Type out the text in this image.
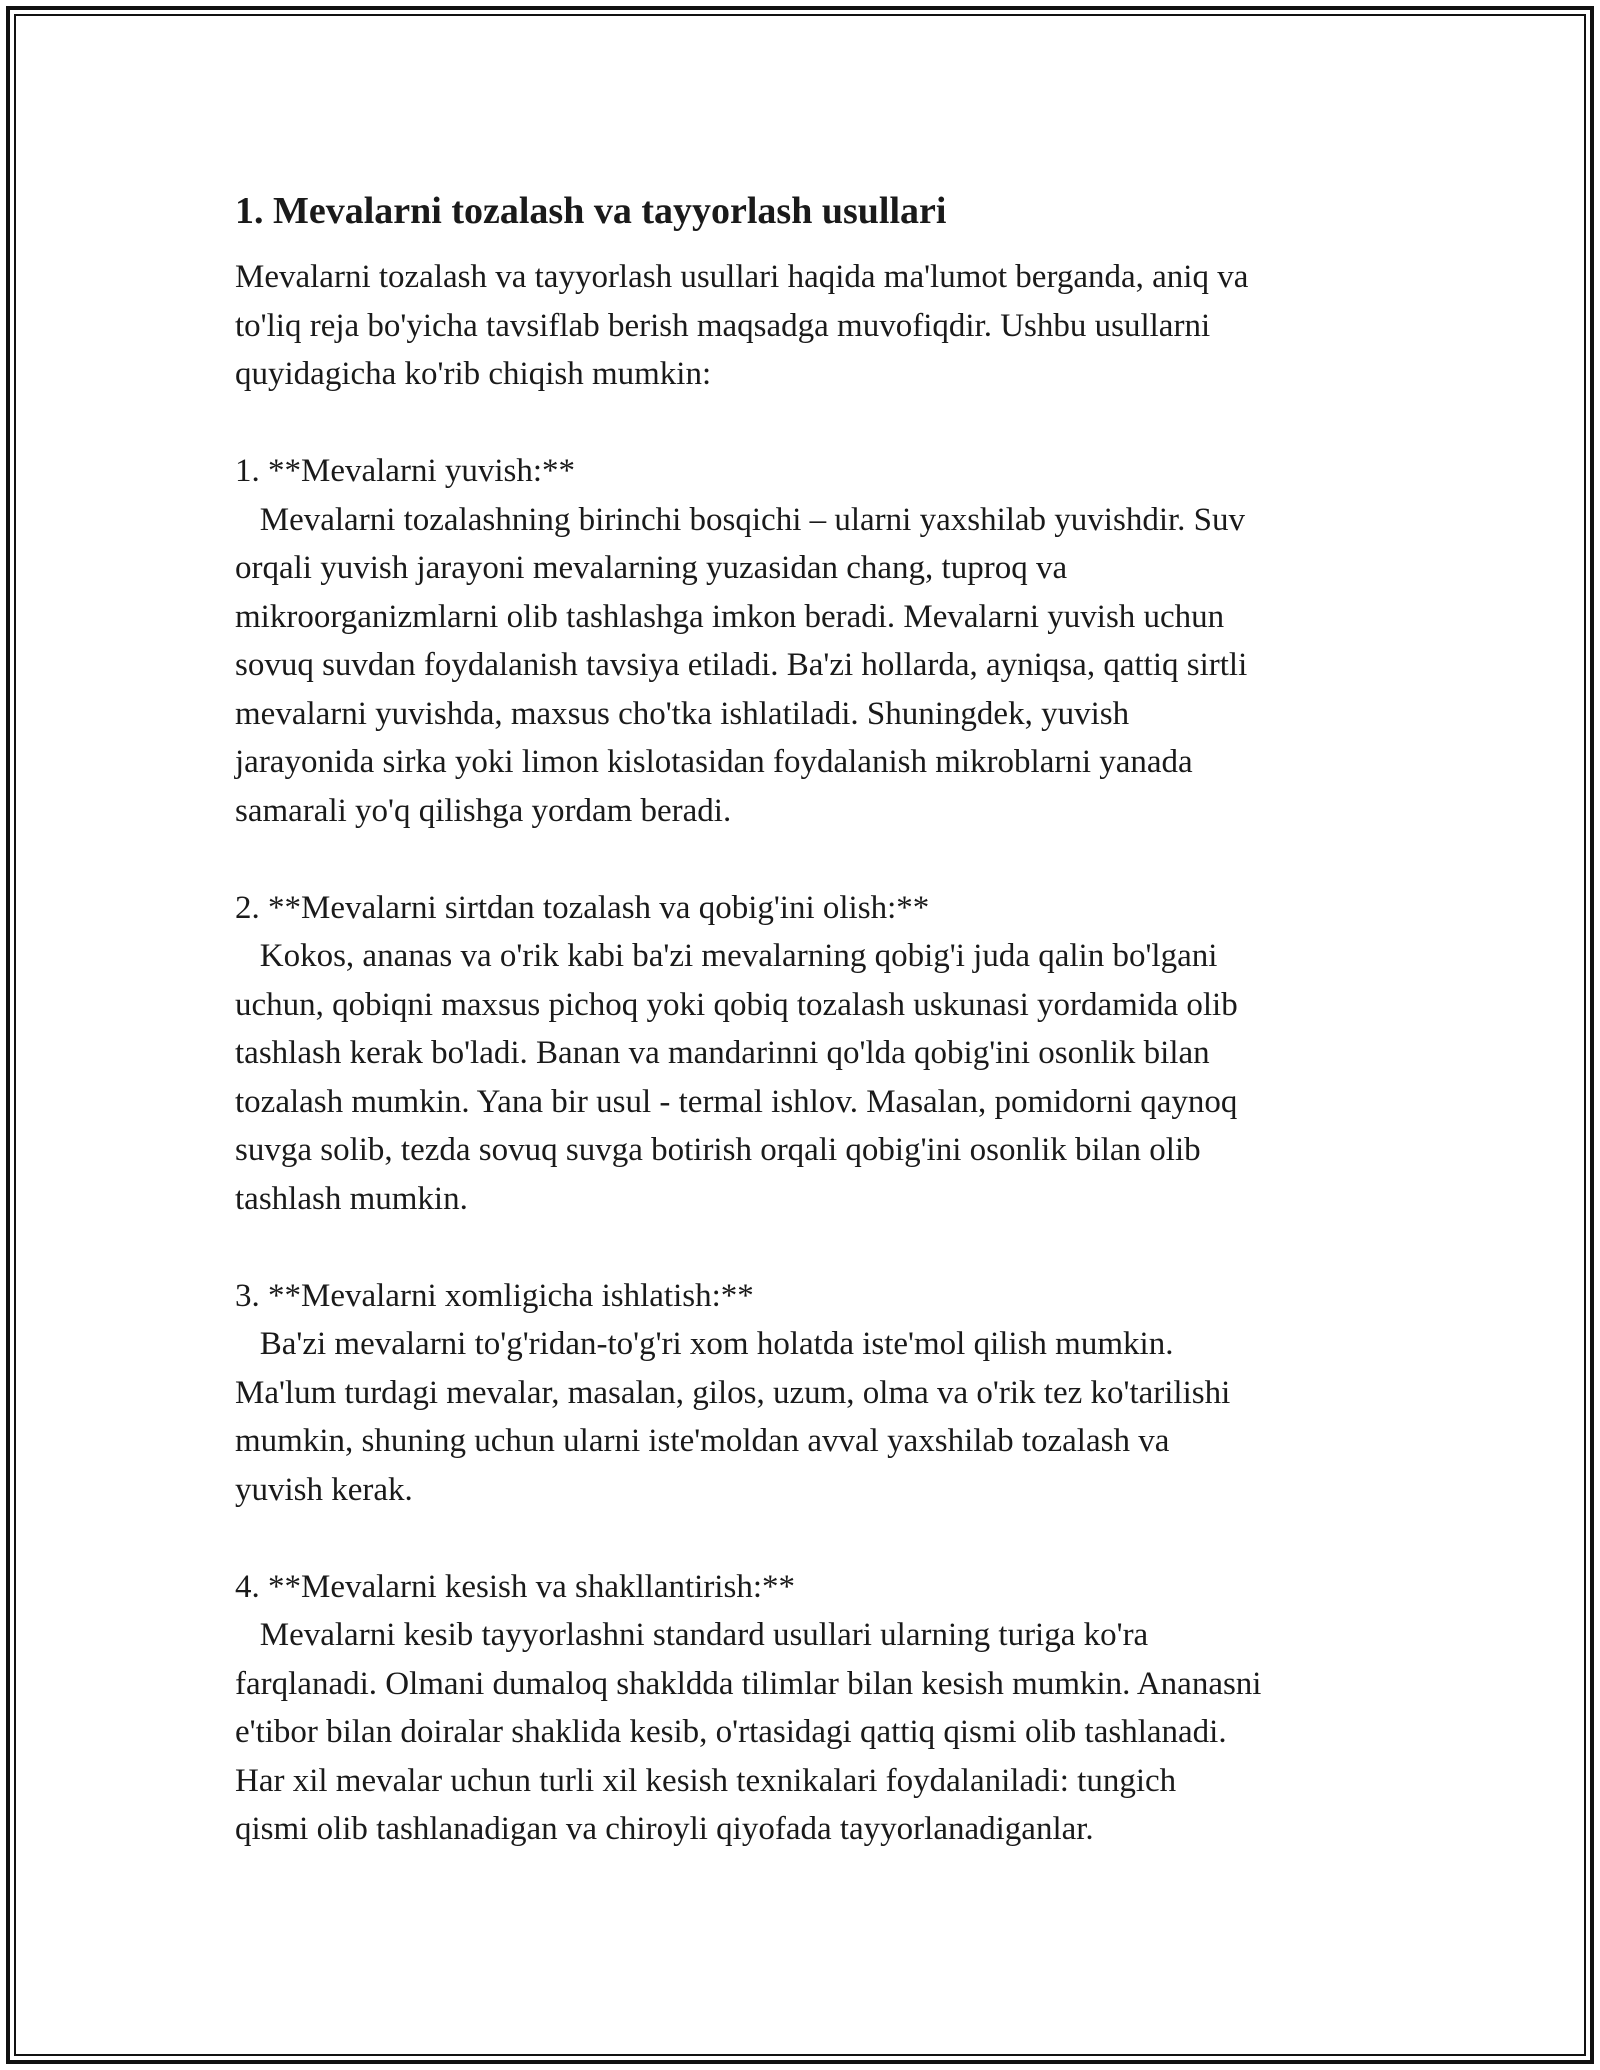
1. Mevalarni tozalash va tayyorlash usullari

Mevalarni tozalash va tayyorlash usullari haqida ma'lumot berganda, aniq va
to'liq reja bo'yicha tavsiflab berish maqsadga muvofiqdir. Ushbu usullarni
quyidagicha ko'rib chiqish mumkin:

1. **Mevalarni yuvish:**

Mevalarni tozalashning birinchi bosqichi – ularni yaxshilab yuvishdir. Suv
orqali yuvish jarayoni mevalarning yuzasidan chang, tuproq va
mikroorganizmlarni olib tashlashga imkon beradi. Mevalarni yuvish uchun
sovuq suvdan foydalanish tavsiya etiladi. Ba'zi hollarda, ayniqsa, qattiq sirtli
mevalarni yuvishda, maxsus cho'tka ishlatiladi. Shuningdek, yuvish
jarayonida sirka yoki limon kislotasidan foydalanish mikroblarni yanada
samarali yo'q qilishga yordam beradi.

2. **Mevalarni sirtdan tozalash va qobig'ini olish:**

Kokos, ananas va o'rik kabi ba'zi mevalarning qobig'i juda qalin bo'lgani
uchun, qobiqni maxsus pichoq yoki qobiq tozalash uskunasi yordamida olib
tashlash kerak bo'ladi. Banan va mandarinni qo'lda qobig'ini osonlik bilan
tozalash mumkin. Yana bir usul - termal ishlov. Masalan, pomidorni qaynoq
suvga solib, tezda sovuq suvga botirish orqali qobig'ini osonlik bilan olib
tashlash mumkin.

3. **Mevalarni xomligicha ishlatish:**

Ba'zi mevalarni to'g'ridan-to'g'ri xom holatda iste'mol qilish mumkin.
Ma'lum turdagi mevalar, masalan, gilos, uzum, olma va o'rik tez ko'tarilishi
mumkin, shuning uchun ularni iste'moldan avval yaxshilab tozalash va
yuvish kerak.

4. **Mevalarni kesish va shakllantirish:**

Mevalarni kesib tayyorlashni standard usullari ularning turiga ko'ra
farqlanadi. Olmani dumaloq shakldda tilimlar bilan kesish mumkin. Ananasni
e'tibor bilan doiralar shaklida kesib, o'rtasidagi qattiq qismi olib tashlanadi.
Har xil mevalar uchun turli xil kesish texnikalari foydalaniladi: tungich
qismi olib tashlanadigan va chiroyli qiyofada tayyorlanadiganlar.
